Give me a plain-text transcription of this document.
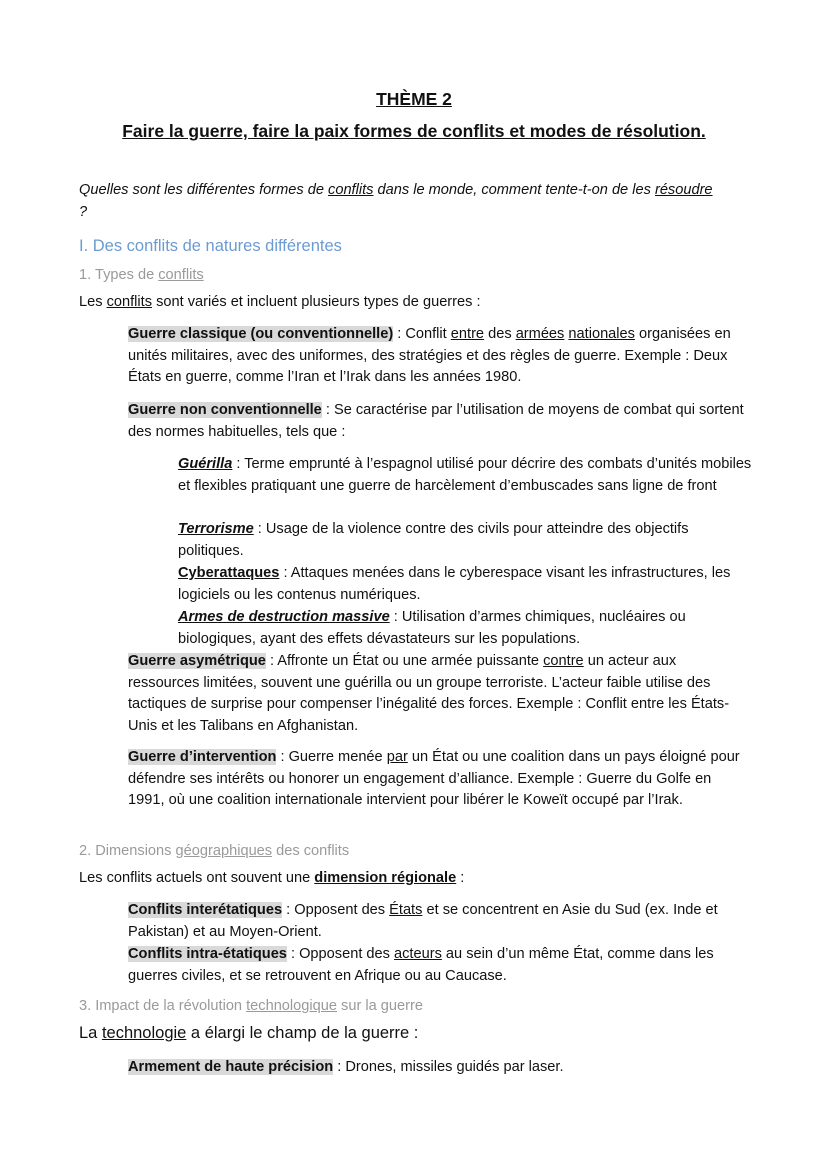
THÈME 2
Faire la guerre, faire la paix formes de conflits et modes de résolution.
Quelles sont les différentes formes de conflits dans le monde, comment tente-t-on de les résoudre
?
I. Des conflits de natures différentes
1. Types de conflits
Les conflits sont variés et incluent plusieurs types de guerres :
Guerre classique (ou conventionnelle) : Conflit entre des armées nationales organisées en unités militaires, avec des uniformes, des stratégies et des règles de guerre. Exemple : Deux États en guerre, comme l’Iran et l’Irak dans les années 1980.
Guerre non conventionnelle : Se caractérise par l’utilisation de moyens de combat qui sortent des normes habituelles, tels que :
Guérilla : Terme emprunté à l’espagnol utilisé pour décrire des combats d’unités mobiles et flexibles pratiquant une guerre de harcèlement d’embuscades sans ligne de front
Terrorisme : Usage de la violence contre des civils pour atteindre des objectifs politiques.
Cyberattaques : Attaques menées dans le cyberespace visant les infrastructures, les logiciels ou les contenus numériques.
Armes de destruction massive : Utilisation d’armes chimiques, nucléaires ou biologiques, ayant des effets dévastateurs sur les populations.
Guerre asymétrique : Affronte un État ou une armée puissante contre un acteur aux ressources limitées, souvent une guérilla ou un groupe terroriste. L’acteur faible utilise des tactiques de surprise pour compenser l’inégalité des forces. Exemple : Conflit entre les États-Unis et les Talibans en Afghanistan.
Guerre d’intervention : Guerre menée par un État ou une coalition dans un pays éloigné pour défendre ses intérêts ou honorer un engagement d’alliance. Exemple : Guerre du Golfe en 1991, où une coalition internationale intervient pour libérer le Koweït occupé par l’Irak.
2. Dimensions géographiques des conflits
Les conflits actuels ont souvent une dimension régionale :
Conflits interétatiques : Opposent des États et se concentrent en Asie du Sud (ex. Inde et Pakistan) et au Moyen-Orient.
Conflits intra-étatiques : Opposent des acteurs au sein d’un même État, comme dans les guerres civiles, et se retrouvent en Afrique ou au Caucase.
3. Impact de la révolution technologique sur la guerre
La technologie a élargi le champ de la guerre :
Armement de haute précision : Drones, missiles guidés par laser.
